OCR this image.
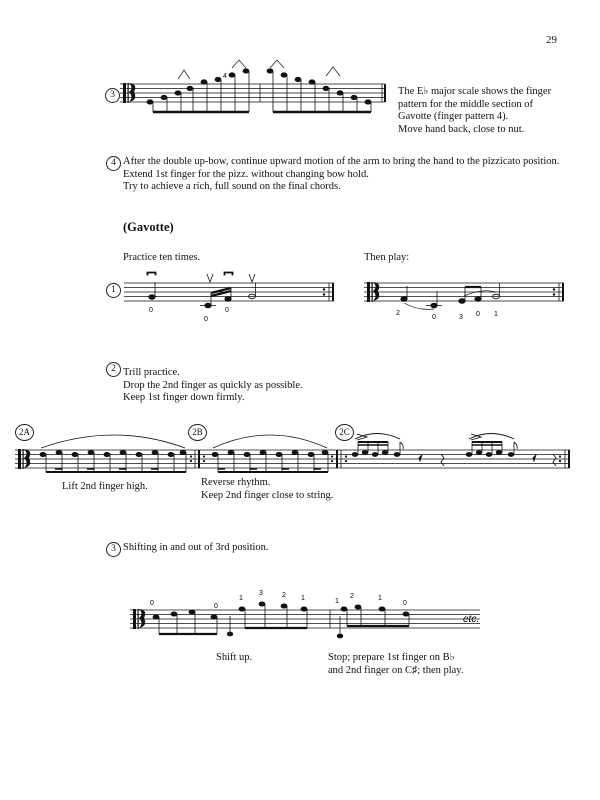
29
3
4
The E♭ major scale shows the finger
pattern for the middle section of
Gavotte (finger pattern 4).
Move hand back, close to nut.
4 After the double up-bow, continue upward motion of the arm to bring the hand to the pizzicato position.
Extend 1st finger for the pizz. without changing bow hold.
Try to achieve a rich, full sound on the final chords.
(Gavotte)
Practice ten times.	Then play:
1
0
0
0	2
0	3 0 1
2 Trill practice.
Drop the 2nd finger as quickly as possible.
Keep 1st finger down firmly.
2A	2B	2C
Lift 2nd finger high.	Reverse rhythm.
Keep 2nd finger close to string.
3 Shifting in and out of 3rd position.
0	0
1
3	2 1	1
2	1
0
etc.
Shift up.	Stop; prepare 1st finger on B♭
and 2nd finger on C♯; then play.
